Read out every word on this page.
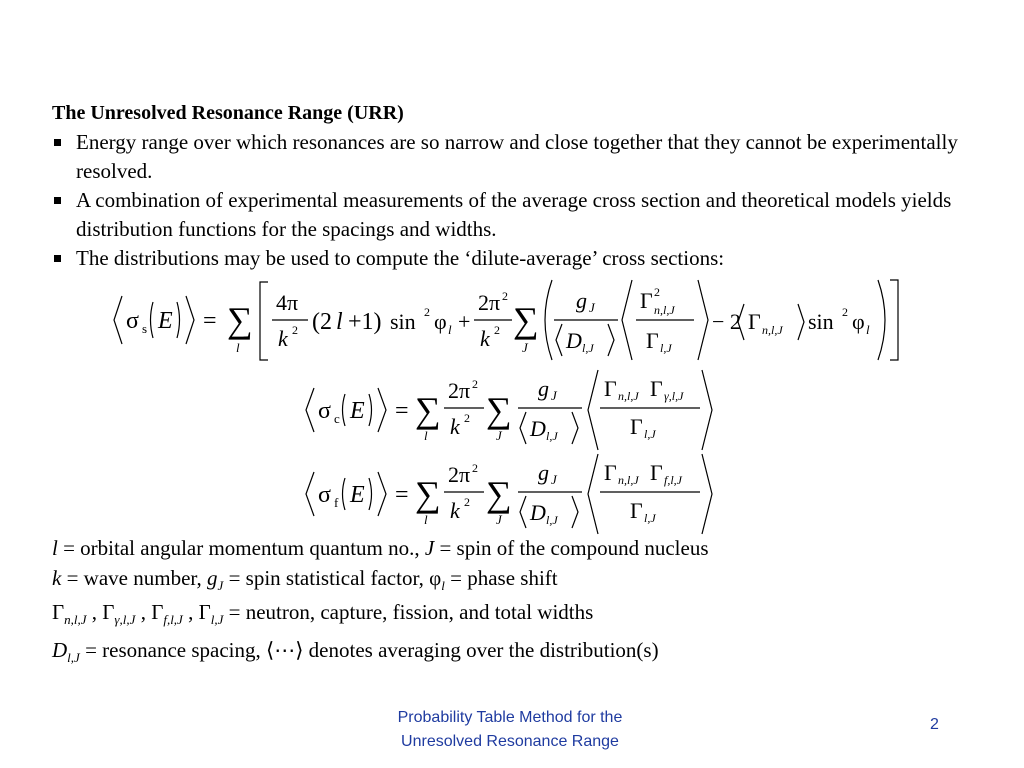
The Unresolved Resonance Range (URR)
Energy range over which resonances are so narrow and close together that they cannot be experimentally resolved.
A combination of experimental measurements of the average cross section and theoretical models yields distribution functions for the spacings and widths.
The distributions may be used to compute the ‘dilute-average’ cross sections:
σ s E = ∑
l
4π
k 2 (2 l +1) sin 2 φ l +
2π 2
k 2 ∑
J
g J
D l,J
Γ 2
n,l,J
Γ l,J
− 2 Γ n,l,J sin 2 φ l
σ c E = ∑
l
2π 2
k 2 ∑
J
g J
D l,J
Γ n,l,J Γ γ,l,J
Γ l,J
σ f E = ∑
l
2π 2
k 2 ∑
J
g J
D l,J
Γ n,l,J Γ f,l,J
Γ l,J
l = orbital angular momentum quantum no., J = spin of the compound nucleus
k = wave number, $g_J$ = spin statistical factor, $\varphi_l$ = phase shift
$\Gamma_{n,l,J}$ , $\Gamma_{\gamma,l,J}$ , $\Gamma_{f,l,J}$ , $\Gamma_{l,J}$ = neutron, capture, fission, and total widths
$D_{l,J}$ = resonance spacing, ⟨⋯⟩ denotes averaging over the distribution(s)
Probability Table Method for the
Unresolved Resonance Range
2
